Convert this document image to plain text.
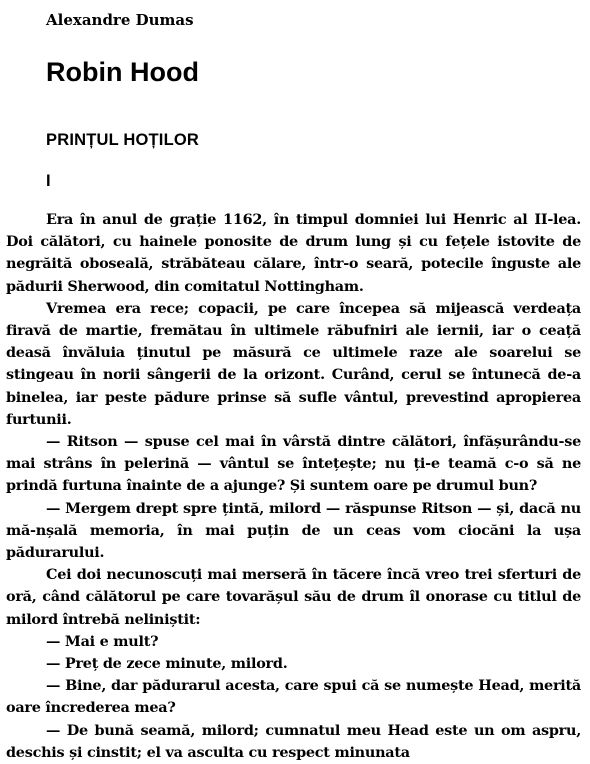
Alexandre Dumas

Robin Hood
PRINȚUL HOȚILOR
I

Era în anul de grație 1162, în timpul domniei lui Henric al II-lea. Doi călători, cu hainele ponosite de drum lung și cu fețele istovite de negrăită oboseală, străbăteau călare, într-o seară, potecile înguste ale pădurii Sherwood, din comitatul Nottingham.

Vremea era rece; copacii, pe care începea să mijească verdeața firavă de martie, fremătau în ultimele răbufniri ale iernii, iar o ceață deasă învăluia ținutul pe măsură ce ultimele raze ale soarelui se stingeau în norii sângerii de la orizont. Curând, cerul se întunecă de-a binelea, iar peste pădure prinse să sufle vântul, prevestind apropierea furtunii.

— Ritson — spuse cel mai în vârstă dintre călători, înfășurându-se mai strâns în pelerină — vântul se întețește; nu ți-e teamă c-o să ne prindă furtuna înainte de a ajunge? Și suntem oare pe drumul bun?

— Mergem drept spre țintă, milord — răspunse Ritson — și, dacă nu mă-nșală memoria, în mai puțin de un ceas vom ciocăni la ușa pădurarului.

Cei doi necunoscuți mai merseră în tăcere încă vreo trei sferturi de oră, când călătorul pe care tovarășul său de drum îl onorase cu titlul de milord întrebă neliniștit:

— Mai e mult?

— Preț de zece minute, milord.

— Bine, dar pădurarul acesta, care spui că se numește Head, merită oare încrederea mea?

— De bună seamă, milord; cumnatul meu Head este un om aspru, deschis și cinstit; el va asculta cu respect minunata
